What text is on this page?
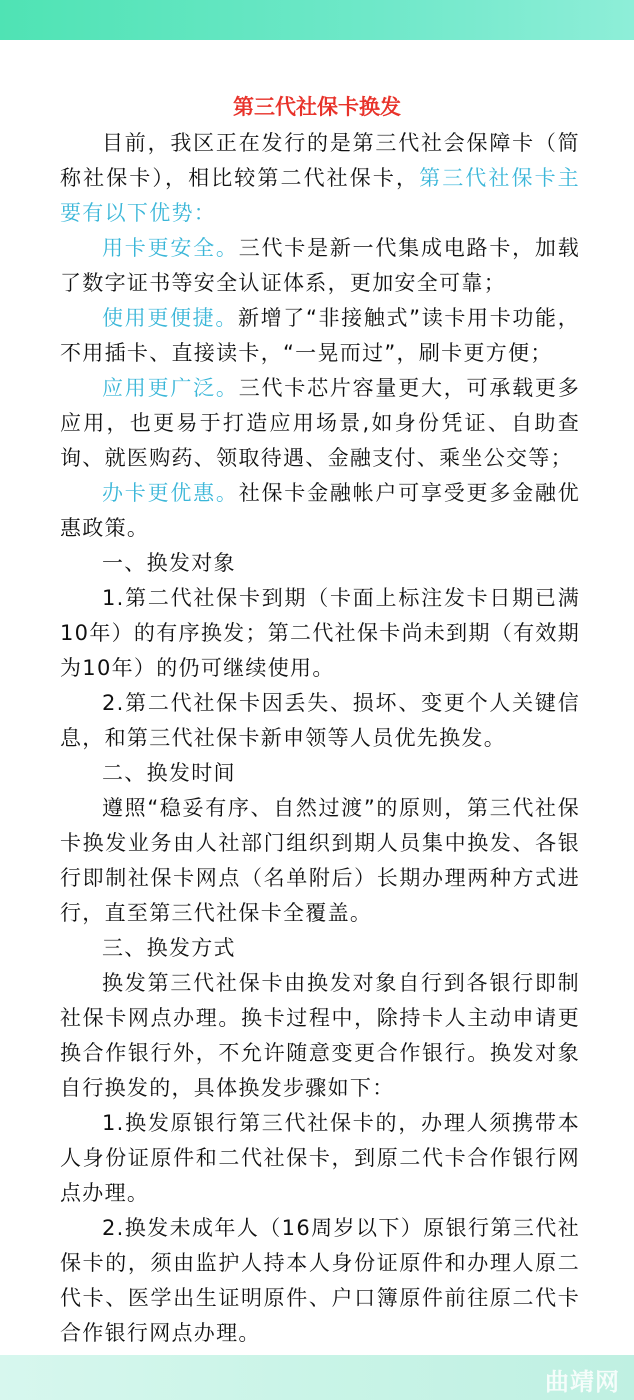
第三代社保卡换发

目前，我区正在发行的是第三代社会保障卡（简称社保卡），相比较第二代社保卡，第三代社保卡主要有以下优势：

用卡更安全。三代卡是新一代集成电路卡，加载了数字证书等安全认证体系，更加安全可靠；

使用更便捷。新增了“非接触式”读卡用卡功能，不用插卡、直接读卡，“一晃而过”，刷卡更方便；

应用更广泛。三代卡芯片容量更大，可承载更多应用，也更易于打造应用场景,如身份凭证、自助查询、就医购药、领取待遇、金融支付、乘坐公交等；

办卡更优惠。社保卡金融帐户可享受更多金融优惠政策。

一、换发对象

1.第二代社保卡到期（卡面上标注发卡日期已满10年）的有序换发；第二代社保卡尚未到期（有效期为10年）的仍可继续使用。

2.第二代社保卡因丢失、损坏、变更个人关键信息，和第三代社保卡新申领等人员优先换发。

二、换发时间

遵照“稳妥有序、自然过渡”的原则，第三代社保卡换发业务由人社部门组织到期人员集中换发、各银行即制社保卡网点（名单附后）长期办理两种方式进行，直至第三代社保卡全覆盖。

三、换发方式

换发第三代社保卡由换发对象自行到各银行即制社保卡网点办理。换卡过程中，除持卡人主动申请更换合作银行外，不允许随意变更合作银行。换发对象自行换发的，具体换发步骤如下：

1.换发原银行第三代社保卡的，办理人须携带本人身份证原件和二代社保卡，到原二代卡合作银行网点办理。

2.换发未成年人（16周岁以下）原银行第三代社保卡的，须由监护人持本人身份证原件和办理人原二代卡、医学出生证明原件、户口簿原件前往原二代卡合作银行网点办理。

曲靖网
